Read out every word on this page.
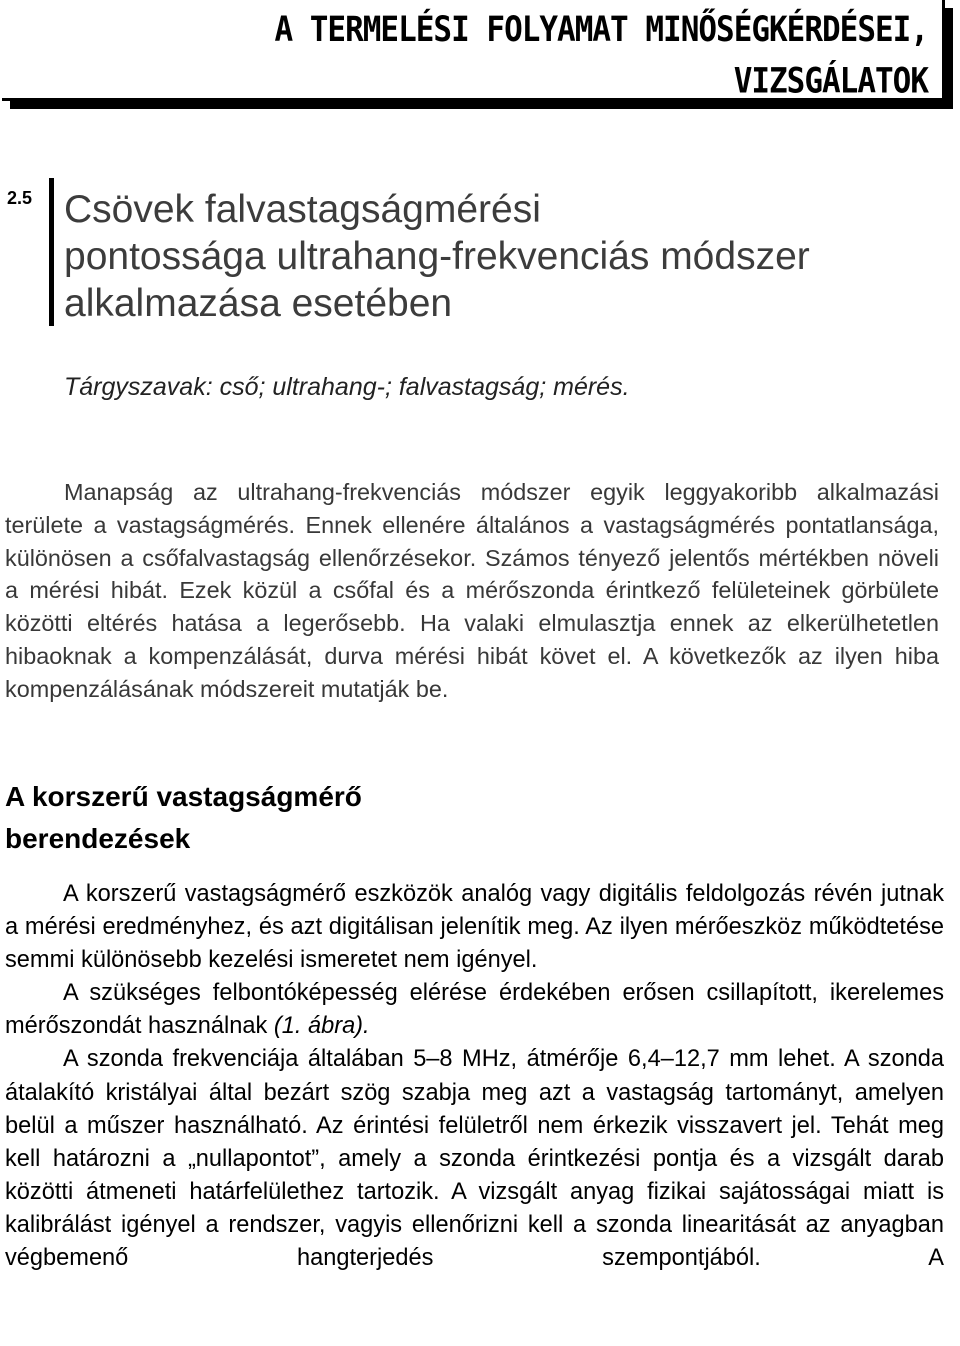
A TERMELÉSI FOLYAMAT MINŐSÉGKÉRDÉSEI,
VIZSGÁLATOK

2.5 Csövek falvastagságmérési
pontossága ultrahang-frekvenciás módszer
alkalmazása esetében

Tárgyszavak: cső; ultrahang-; falvastagság; mérés.

Manapság az ultrahang-frekvenciás módszer egyik leggyakoribb alkalmazási területe a vastagságmérés. Ennek ellenére általános a vastagságmérés pontatlansága, különösen a csőfalvastagság ellenőrzésekor. Számos tényező jelentős mértékben növeli a mérési hibát. Ezek közül a csőfal és a mérőszonda érintkező felületeinek görbülete közötti eltérés hatása a legerősebb. Ha valaki elmulasztja ennek az elkerülhetetlen hibaoknak a kompenzálását, durva mérési hibát követ el. A következők az ilyen hiba kompenzálásának módszereit mutatják be.

A korszerű vastagságmérő
berendezések

A korszerű vastagságmérő eszközök analóg vagy digitális feldolgozás révén jutnak a mérési eredményhez, és azt digitálisan jelenítik meg. Az ilyen mérőeszköz működtetése semmi különösebb kezelési ismeretet nem igényel.

A szükséges felbontóképesség elérése érdekében erősen csillapított, ikerelemes mérőszondát használnak (1. ábra).

A szonda frekvenciája általában 5–8 MHz, átmérője 6,4–12,7 mm lehet. A szonda átalakító kristályai által bezárt szög szabja meg azt a vastagság tartományt, amelyen belül a műszer használható. Az érintési felületről nem érkezik visszavert jel. Tehát meg kell határozni a „nullapontot”, amely a szonda érintkezési pontja és a vizsgált darab közötti átmeneti határfelülethez tartozik. A vizsgált anyag fizikai sajátosságai miatt is kalibrálást igényel a rendszer, vagyis ellenőrizni kell a szonda linearitását az anyagban végbemenő hangterjedés szempontjából. A
